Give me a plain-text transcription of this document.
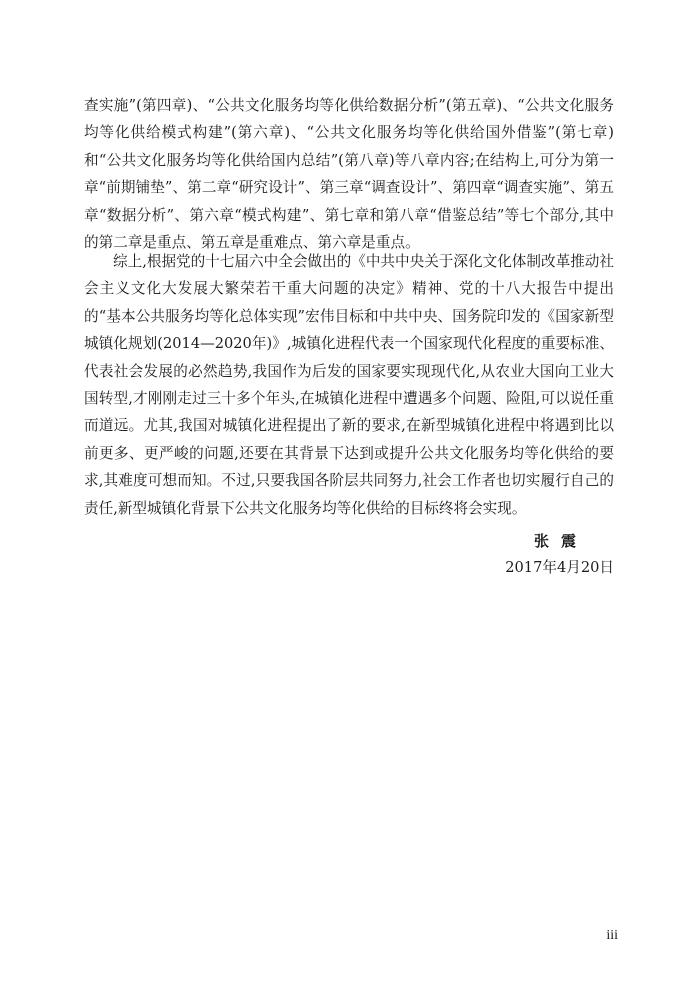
查实施”(第四章)、“公共文化服务均等化供给数据分析”(第五章)、“公共文化服务均等化供给模式构建”(第六章)、“公共文化服务均等化供给国外借鉴”(第七章)和“公共文化服务均等化供给国内总结”(第八章)等八章内容;在结构上,可分为第一章“前期铺垫”、第二章“研究设计”、第三章“调查设计”、第四章“调查实施”、第五章“数据分析”、第六章“模式构建”、第七章和第八章“借鉴总结”等七个部分,其中的第二章是重点、第五章是重难点、第六章是重点。

综上,根据党的十七届六中全会做出的《中共中央关于深化文化体制改革推动社会主义文化大发展大繁荣若干重大问题的决定》精神、党的十八大报告中提出的“基本公共服务均等化总体实现”宏伟目标和中共中央、国务院印发的《国家新型城镇化规划(2014—2020年)》,城镇化进程代表一个国家现代化程度的重要标准、代表社会发展的必然趋势,我国作为后发的国家要实现现代化,从农业大国向工业大国转型,才刚刚走过三十多个年头,在城镇化进程中遭遇多个问题、险阻,可以说任重而道远。尤其,我国对城镇化进程提出了新的要求,在新型城镇化进程中将遇到比以前更多、更严峻的问题,还要在其背景下达到或提升公共文化服务均等化供给的要求,其难度可想而知。不过,只要我国各阶层共同努力,社会工作者也切实履行自己的责任,新型城镇化背景下公共文化服务均等化供给的目标终将会实现。

张震
2017年4月20日
iii
